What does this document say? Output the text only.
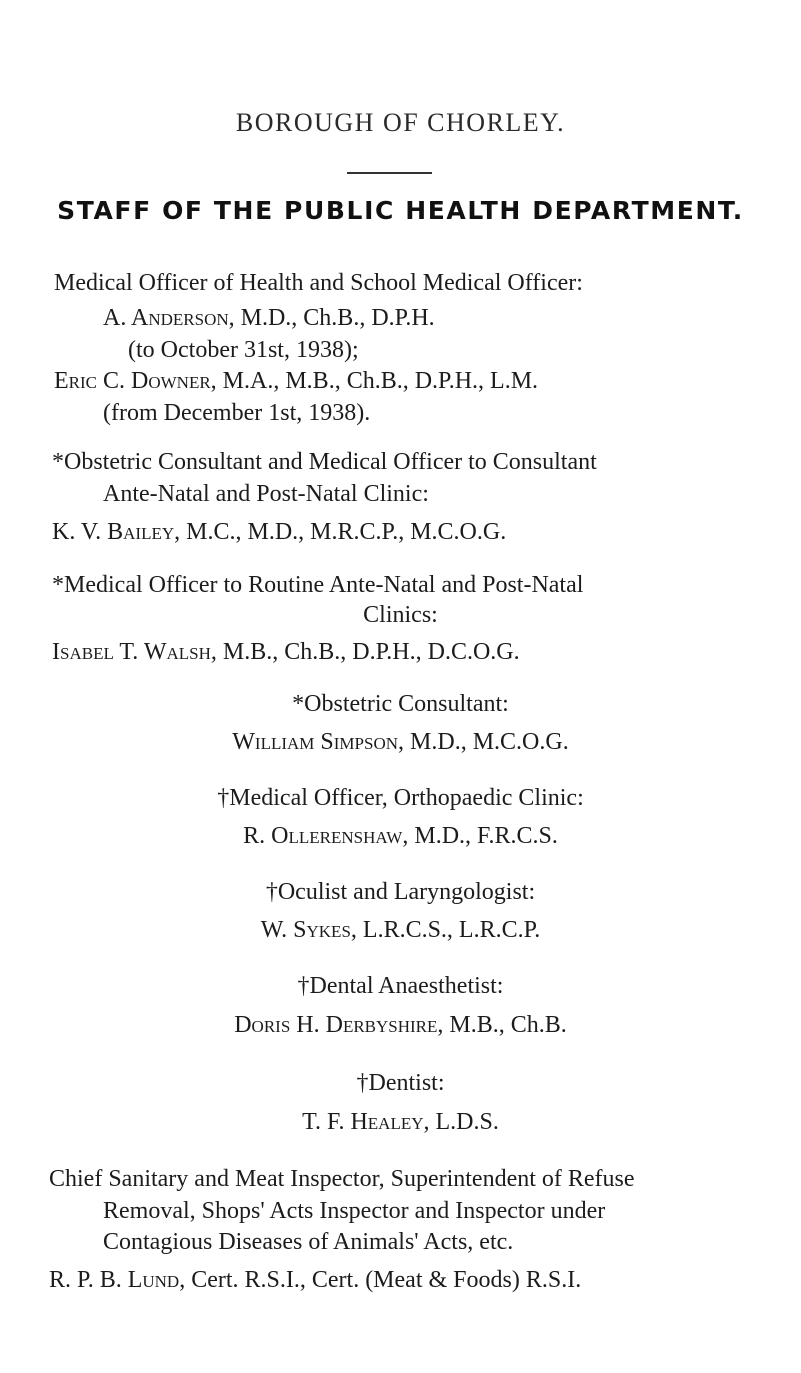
BOROUGH OF CHORLEY.
STAFF OF THE PUBLIC HEALTH DEPARTMENT.
Medical Officer of Health and School Medical Officer:
A. Anderson, M.D., Ch.B., D.P.H.
(to October 31st, 1938);
Eric C. Downer, M.A., M.B., Ch.B., D.P.H., L.M.
(from December 1st, 1938).
*Obstetric Consultant and Medical Officer to Consultant
Ante-Natal and Post-Natal Clinic:
K. V. Bailey, M.C., M.D., M.R.C.P., M.C.O.G.
*Medical Officer to Routine Ante-Natal and Post-Natal
Clinics:
Isabel T. Walsh, M.B., Ch.B., D.P.H., D.C.O.G.
*Obstetric Consultant:
William Simpson, M.D., M.C.O.G.
†Medical Officer, Orthopaedic Clinic:
R. Ollerenshaw, M.D., F.R.C.S.
†Oculist and Laryngologist:
W. Sykes, L.R.C.S., L.R.C.P.
†Dental Anaesthetist:
Doris H. Derbyshire, M.B., Ch.B.
†Dentist:
T. F. Healey, L.D.S.
Chief Sanitary and Meat Inspector, Superintendent of Refuse
Removal, Shops' Acts Inspector and Inspector under
Contagious Diseases of Animals' Acts, etc.
R. P. B. Lund, Cert. R.S.I., Cert. (Meat & Foods) R.S.I.
